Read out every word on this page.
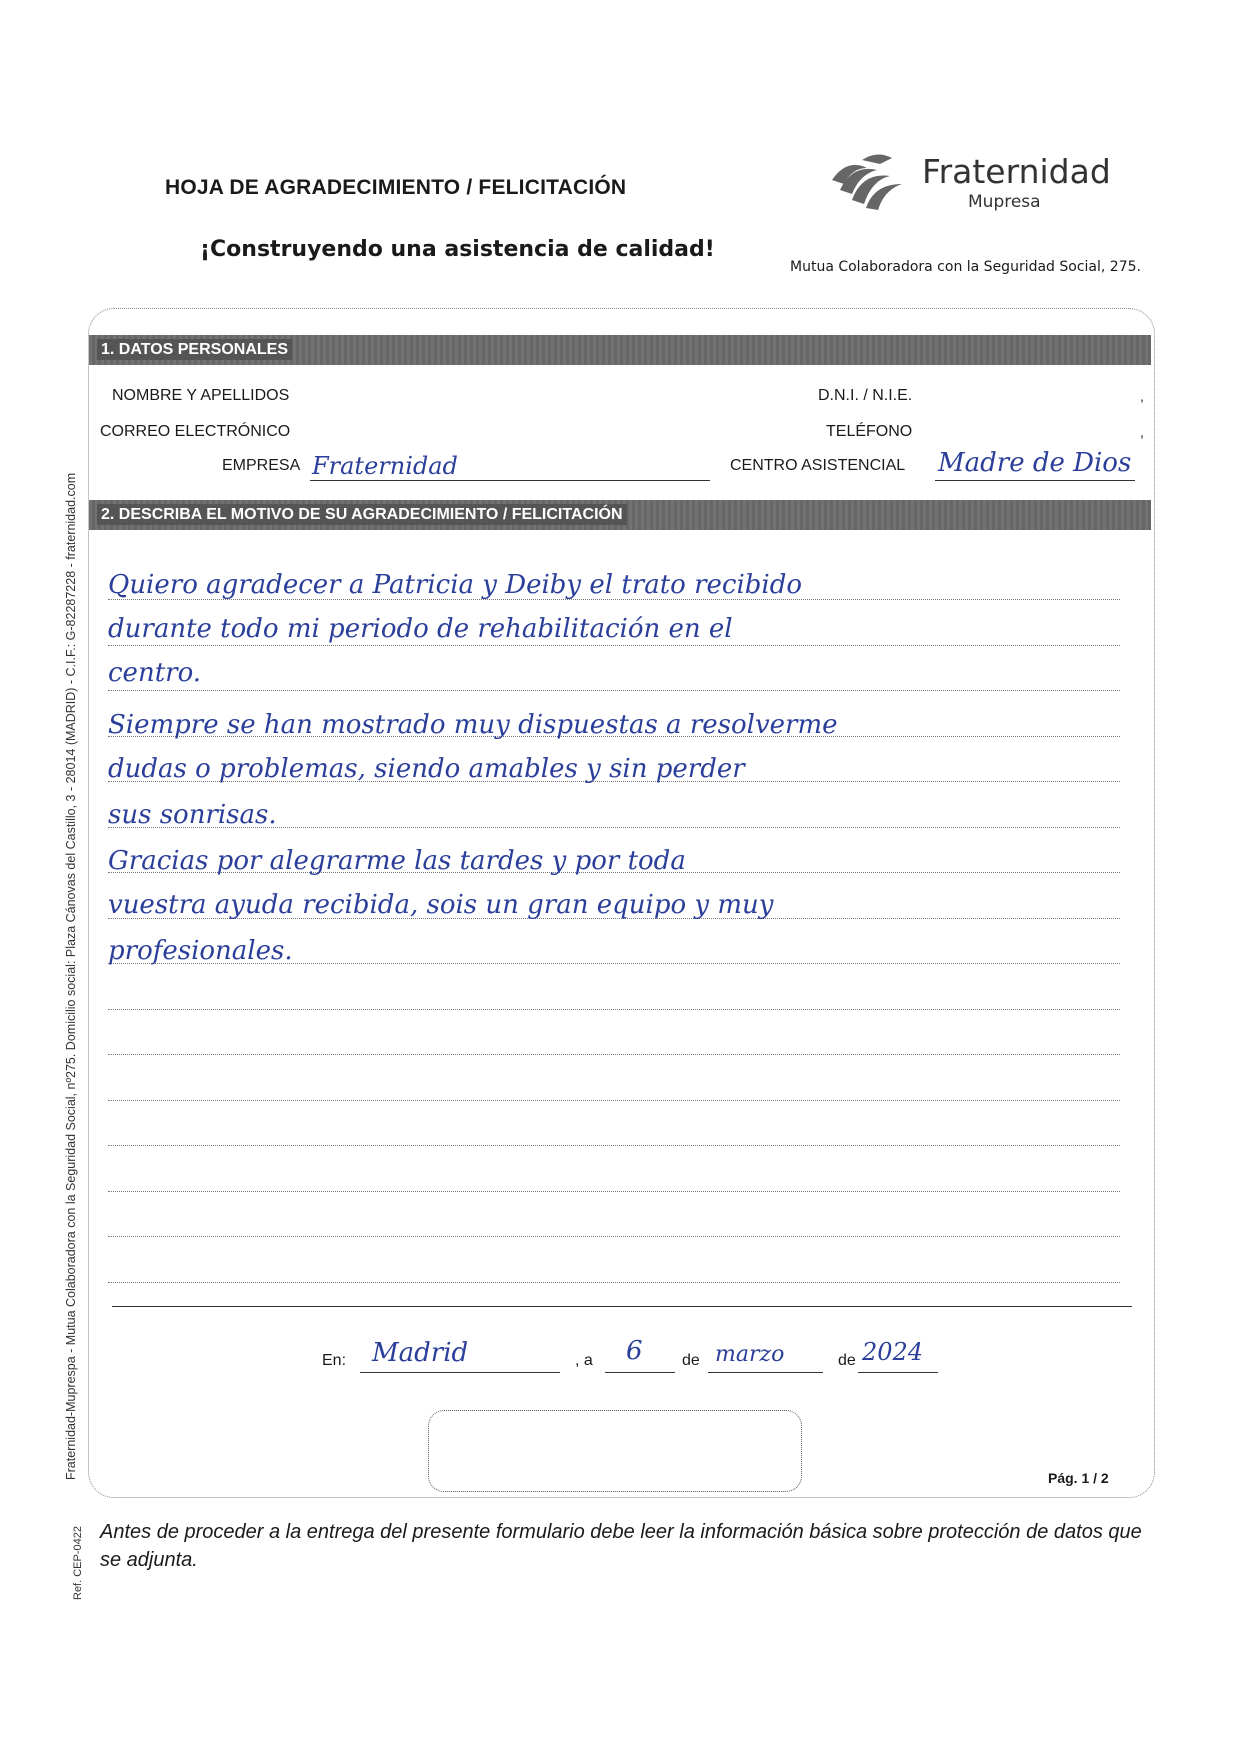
HOJA DE AGRADECIMIENTO / FELICITACIÓN
¡Construyendo una asistencia de calidad!
Fraternidad
Mupresa
Mutua Colaboradora con la Seguridad Social, 275.
1. DATOS PERSONALES
NOMBRE Y APELLIDOS	D.N.I. / N.I.E.	,
CORREO ELECTRÓNICO	TELÉFONO	,
EMPRESA Fraternidad	CENTRO ASISTENCIAL Madre de Dios
2. DESCRIBA EL MOTIVO DE SU AGRADECIMIENTO / FELICITACIÓN
Quiero agradecer a Patricia y Deiby el trato recibido
durante todo mi periodo de rehabilitación en el
centro.
Siempre se han mostrado muy dispuestas a resolverme
dudas o problemas, siendo amables y sin perder
sus sonrisas.
Gracias por alegrarme las tardes y por toda
vuestra ayuda recibida, sois un gran equipo y muy
profesionales.
En: Madrid	, a 6 de marzo	de 2024
Pág. 1 / 2
Antes de proceder a la entrega del presente formulario debe leer la información básica sobre protección de datos que se adjunta.
Fraternidad-Muprespa - Mutua Colaboradora con la Seguridad Social, nº275. Domicilio social: Plaza Cánovas del Castillo, 3 - 28014 (MADRID) - C.I.F.: G-82287228 - fraternidad.com
Ref. CEP-0422
